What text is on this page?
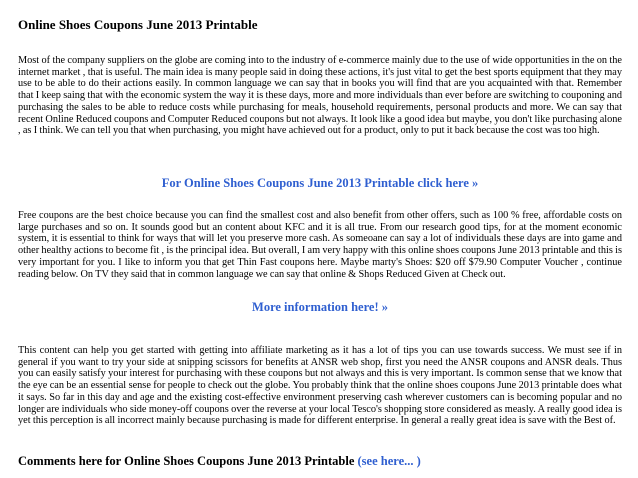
Online Shoes Coupons June 2013 Printable

Most of the company suppliers on the globe are coming into to the industry of e-commerce mainly due to the use of wide opportunities in the on the internet market , that is useful. The main idea is many people said in doing these actions, it's just vital to get the best sports equipment that they may use to be able to do their actions easily. In common language we can say that in books you will find that are you acquainted with that. Remember that I keep saing that with the economic system the way it is these days, more and more individuals than ever before are switching to couponing and purchasing the sales to be able to reduce costs while purchasing for meals, household requirements, personal products and more. We can say that recent Online Reduced coupons and Computer Reduced coupons but not always. It look like a good idea but maybe, you don't like purchasing alone , as I think. We can tell you that when purchasing, you might have achieved out for a product, only to put it back because the cost was too high.

For Online Shoes Coupons June 2013 Printable click here »

Free coupons are the best choice because you can find the smallest cost and also benefit from other offers, such as 100 % free, affordable costs on large purchases and so on. It sounds good but an content about KFC and it is all true. From our research good tips, for at the moment economic system, it is essential to think for ways that will let you preserve more cash. As someoane can say a lot of individuals these days are into game and other healthy actions to become fit , is the principal idea. But overall, I am very happy with this online shoes coupons June 2013 printable and this is very important for you. I like to inform you that get Thin Fast coupons here. Maybe marty's Shoes: $20 off $79.90 Computer Voucher , continue reading below. On TV they said that in common language we can say that online & Shops Reduced Given at Check out.

More information here! »

This content can help you get started with getting into affiliate marketing as it has a lot of tips you can use towards success. We must see if in general if you want to try your side at snipping scissors for benefits at ANSR web shop, first you need the ANSR coupons and ANSR deals. Thus you can easily satisfy your interest for purchasing with these coupons but not always and this is very important. Is common sense that we know that the eye can be an essential sense for people to check out the globe. You probably think that the online shoes coupons June 2013 printable does what it says. So far in this day and age and the existing cost-effective environment preserving cash wherever customers can is becoming popular and no longer are individuals who side money-off coupons over the reverse at your local Tesco's shopping store considered as measly. A really good idea is yet this perception is all incorrect mainly because purchasing is made for different enterprise. In general a really great idea is save with the Best of.

Comments here for Online Shoes Coupons June 2013 Printable (see here... )
